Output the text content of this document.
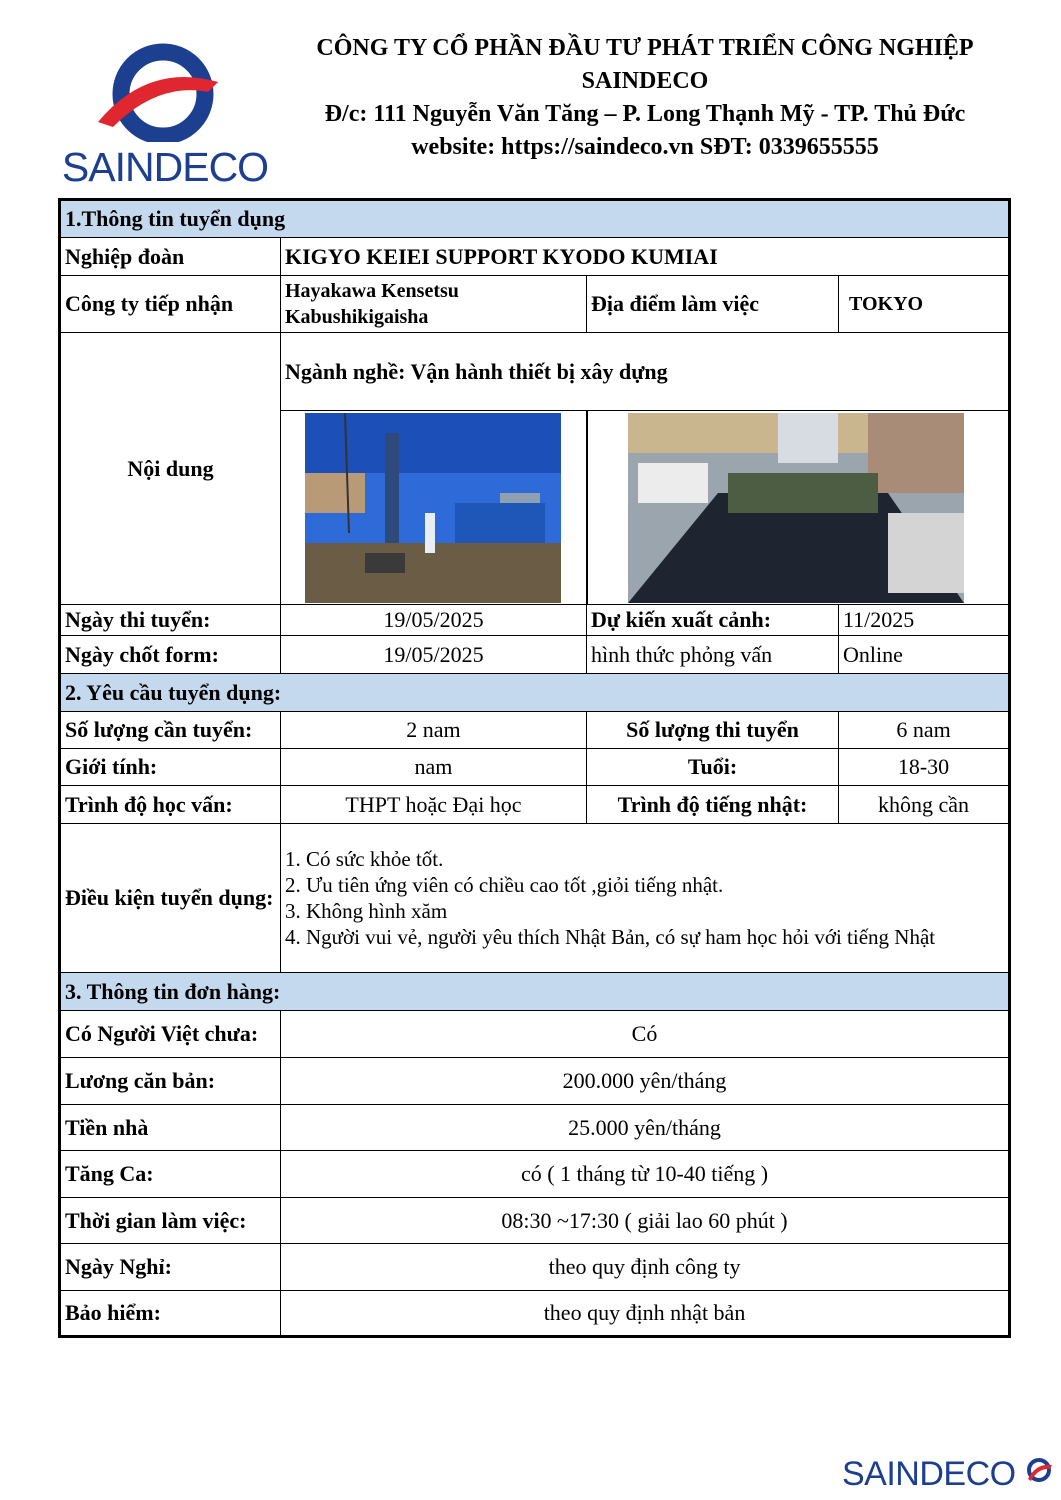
SAINDECO
CÔNG TY CỔ PHẦN ĐẦU TƯ PHÁT TRIỂN CÔNG NGHIỆP
SAINDECO
Đ/c: 111 Nguyễn Văn Tăng – P. Long Thạnh Mỹ - TP. Thủ Đức
website: https://saindeco.vn SĐT: 0339655555
1.Thông tin tuyển dụng			
Nghiệp đoàn	KIGYO KEIEI SUPPORT KYODO KUMIAI		
Công ty tiếp nhận	Hayakawa Kensetsu Kabushikigaisha	Địa điểm làm việc	TOKYO
Nội dung	Ngành nghề: Vận hành thiết bị xây dựng		

Ngày thi tuyển:	19/05/2025	Dự kiến xuất cảnh:	11/2025
Ngày chốt form:	19/05/2025	hình thức phỏng vấn	Online
2. Yêu cầu tuyển dụng:			
Số lượng cần tuyển:	2 nam	Số lượng thi tuyển	6 nam
Giới tính:	nam	Tuổi:	18-30
Trình độ học vấn:	THPT hoặc Đại học	Trình độ tiếng nhật:	không cần
Điều kiện tuyển dụng:	1. Có sức khỏe tốt.
2. Ưu tiên ứng viên có chiều cao tốt ,giỏi tiếng nhật.
3. Không hình xăm
4. Người vui vẻ, người yêu thích Nhật Bản, có sự ham học hỏi với tiếng Nhật		

3. Thông tin đơn hàng:			
Có Người Việt chưa:	Có		
Lương căn bản:	200.000 yên/tháng		
Tiền nhà	25.000 yên/tháng		
Tăng Ca:	có ( 1 tháng từ 10-40 tiếng )		
Thời gian làm việc:	08:30 ~17:30 ( giải lao 60 phút )		
Ngày Nghỉ:	theo quy định công ty		
Bảo hiểm:	theo quy định nhật bản		
SAINDECO
